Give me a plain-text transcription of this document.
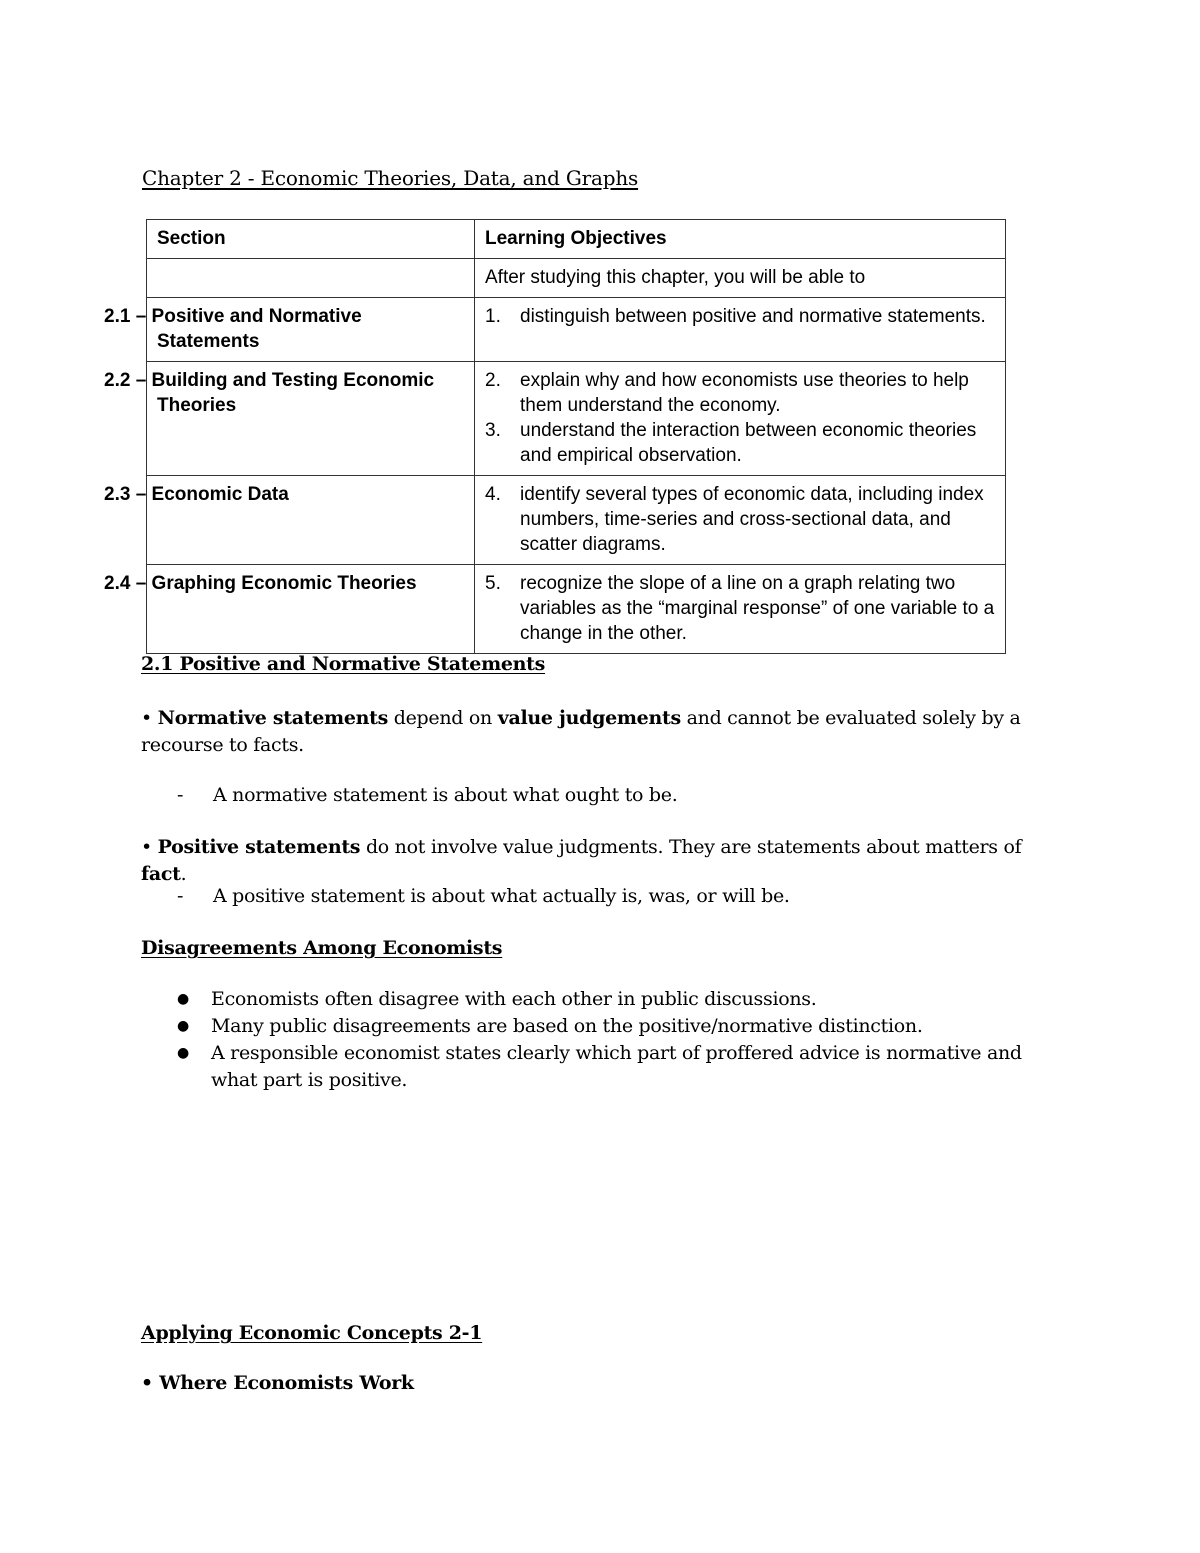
Chapter 2 - Economic Theories, Data, and Graphs
Section	Learning Objectives
	After studying this chapter, you will be able to
2.1 – Positive and Normative Statements	1. distinguish between positive and normative statements.

2.2 – Building and Testing Economic Theories	2. explain why and how economists use theories to help them understand the economy.
3. understand the interaction between economic theories and empirical observation.

2.3 – Economic Data	4. identify several types of economic data, including index numbers, time-series and cross-sectional data, and scatter diagrams.

2.4 – Graphing Economic Theories	5. recognize the slope of a line on a graph relating two variables as the “marginal response” of one variable to a change in the other.
2.1 Positive and Normative Statements
• Normative statements depend on value judgements and cannot be evaluated solely by a recourse to facts.
- A normative statement is about what ought to be.
• Positive statements do not involve value judgments. They are statements about matters of fact.
- A positive statement is about what actually is, was, or will be.
Disagreements Among Economists
● Economists often disagree with each other in public discussions.
● Many public disagreements are based on the positive/normative distinction.
● A responsible economist states clearly which part of proffered advice is normative and what part is positive.
Applying Economic Concepts 2-1
• Where Economists Work
